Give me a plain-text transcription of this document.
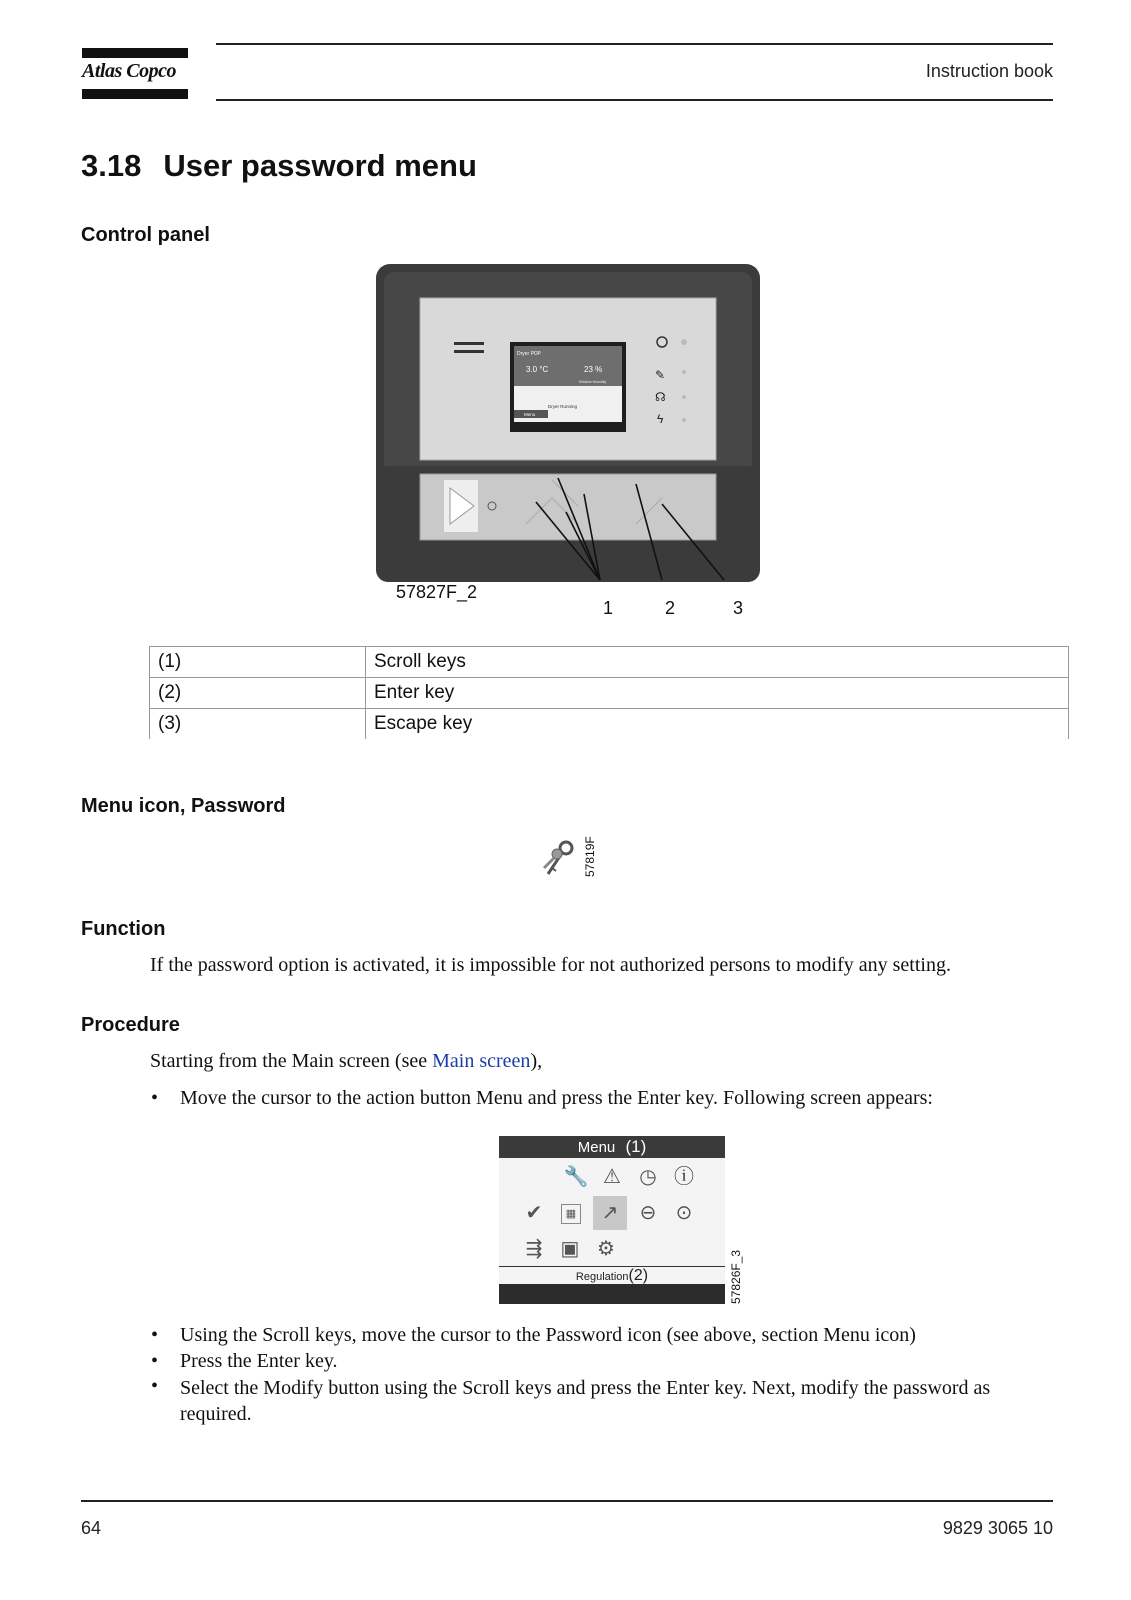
Atlas Copco	Instruction book
3.18 User password menu
Control panel
Dryer PDP
3.0 °C	23 %
Relative Humidity
Dryer Running
Menu
✎
☊
ϟ
57827F_2
1	2	3
(1)	Scroll keys
(2)	Enter key
(3)	Escape key
Menu icon, Password
57819F
Function
If the password option is activated, it is impossible for not authorized persons to modify any setting.
Procedure
Starting from the Main screen (see Main screen),
• Move the cursor to the action button Menu and press the Enter key. Following screen appears:
Menu (1)
🔧 ⚠ ◷ ⓘ
✔	▦	↗	⊖ ⊙
⇶ ▣ ⚙
Regulation(2)	57826F_3
• Using the Scroll keys, move the cursor to the Password icon (see above, section Menu icon)
• Press the Enter key.
• Select the Modify button using the Scroll keys and press the Enter key. Next, modify the password as required.
64	9829 3065 10
